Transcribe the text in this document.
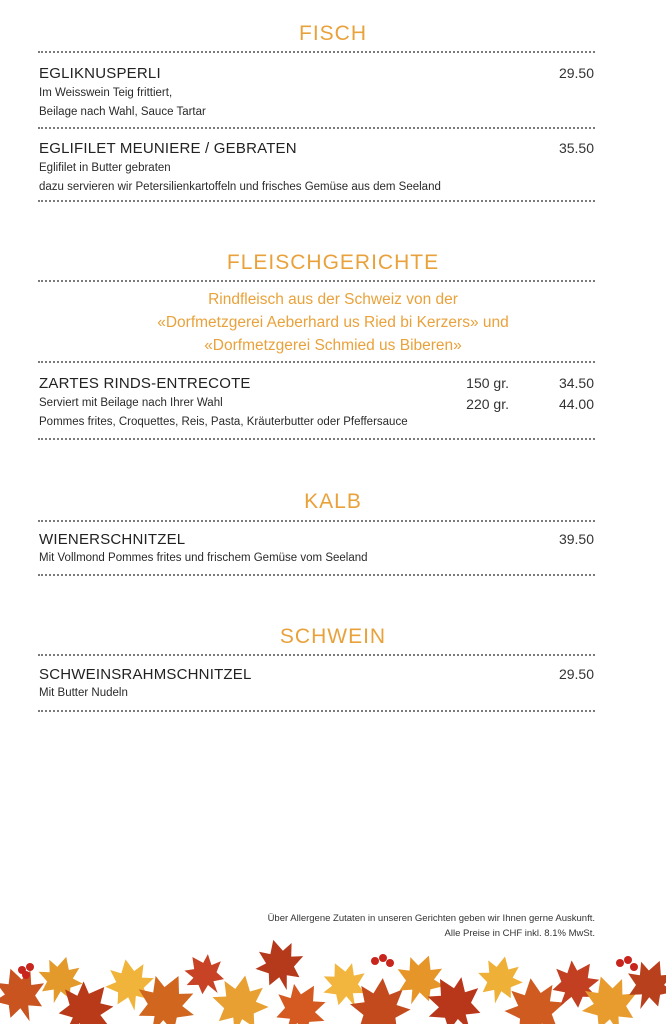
FISCH
EGLIKNUSPERLI	29.50
Im Weisswein Teig frittiert,
Beilage nach Wahl, Sauce Tartar
EGLIFILET MEUNIERE / GEBRATEN	35.50
Eglifilet in Butter gebraten
dazu servieren wir Petersilienkartoffeln und frisches Gemüse aus dem Seeland
FLEISCHGERICHTE
Rindfleisch aus der Schweiz von der
«Dorfmetzgerei Aeberhard us Ried bi Kerzers» und
«Dorfmetzgerei Schmied us Biberen»
ZARTES RINDS-ENTRECOTE	150 gr.	34.50
220 gr.	44.00
Serviert mit Beilage nach Ihrer Wahl
Pommes frites, Croquettes, Reis, Pasta, Kräuterbutter oder Pfeffersauce
KALB
WIENERSCHNITZEL	39.50
Mit Vollmond Pommes frites und frischem Gemüse vom Seeland
SCHWEIN
SCHWEINSRAHMSCHNITZEL	29.50
Mit Butter Nudeln
Über Allergene Zutaten in unseren Gerichten geben wir Ihnen gerne Auskunft.
Alle Preise in CHF inkl. 8.1% MwSt.
